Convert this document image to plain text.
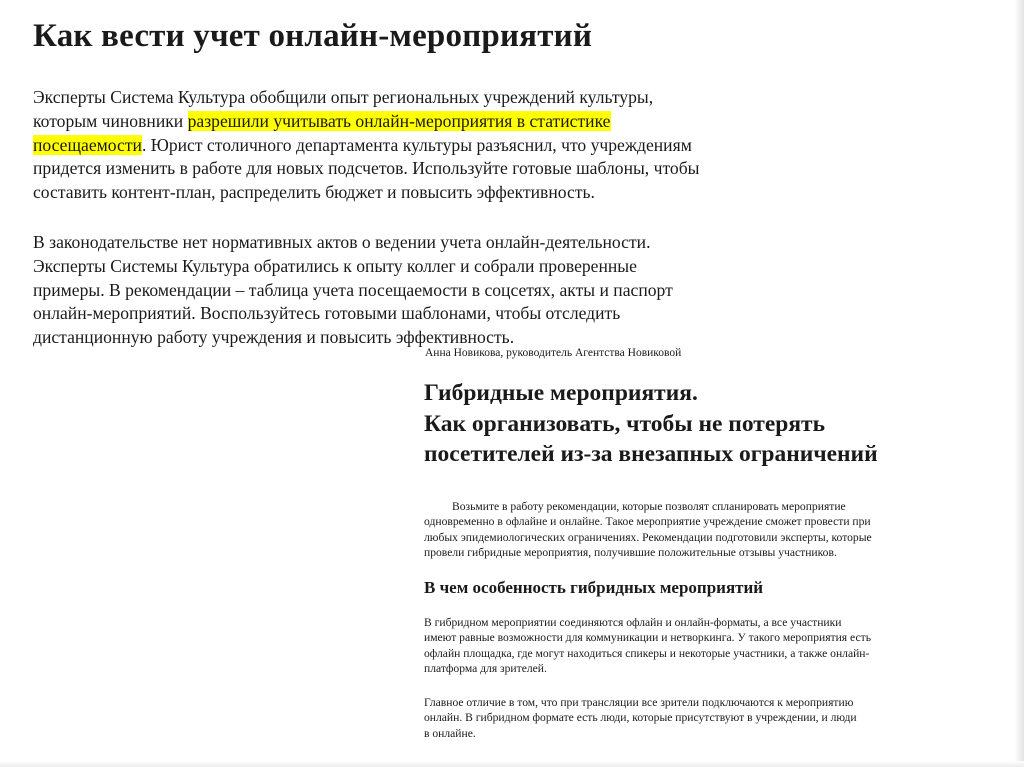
Как вести учет онлайн-мероприятий
Эксперты Система Культура обобщили опыт региональных учреждений культуры,
которым чиновники разрешили учитывать онлайн-мероприятия в статистике
посещаемости. Юрист столичного департамента культуры разъяснил, что учреждениям
придется изменить в работе для новых подсчетов. Используйте готовые шаблоны, чтобы
составить контент-план, распределить бюджет и повысить эффективность.
В законодательстве нет нормативных актов о ведении учета онлайн-деятельности.
Эксперты Системы Культура обратились к опыту коллег и собрали проверенные
примеры. В рекомендации – таблица учета посещаемости в соцсетях, акты и паспорт
онлайн-мероприятий. Воспользуйтесь готовыми шаблонами, чтобы отследить
дистанционную работу учреждения и повысить эффективность.
Анна Новикова, руководитель Агентства Новиковой
Гибридные мероприятия.
Как организовать, чтобы не потерять
посетителей из-за внезапных ограничений
Возьмите в работу рекомендации, которые позволят спланировать мероприятие
одновременно в офлайне и онлайне. Такое мероприятие учреждение сможет провести при
любых эпидемиологических ограничениях. Рекомендации подготовили эксперты, которые
провели гибридные мероприятия, получившие положительные отзывы участников.
В чем особенность гибридных мероприятий
В гибридном мероприятии соединяются офлайн и онлайн-форматы, а все участники
имеют равные возможности для коммуникации и нетворкинга. У такого мероприятия есть
офлайн площадка, где могут находиться спикеры и некоторые участники, а также онлайн-
платформа для зрителей.
Главное отличие в том, что при трансляции все зрители подключаются к мероприятию
онлайн. В гибридном формате есть люди, которые присутствуют в учреждении, и люди
в онлайне.
